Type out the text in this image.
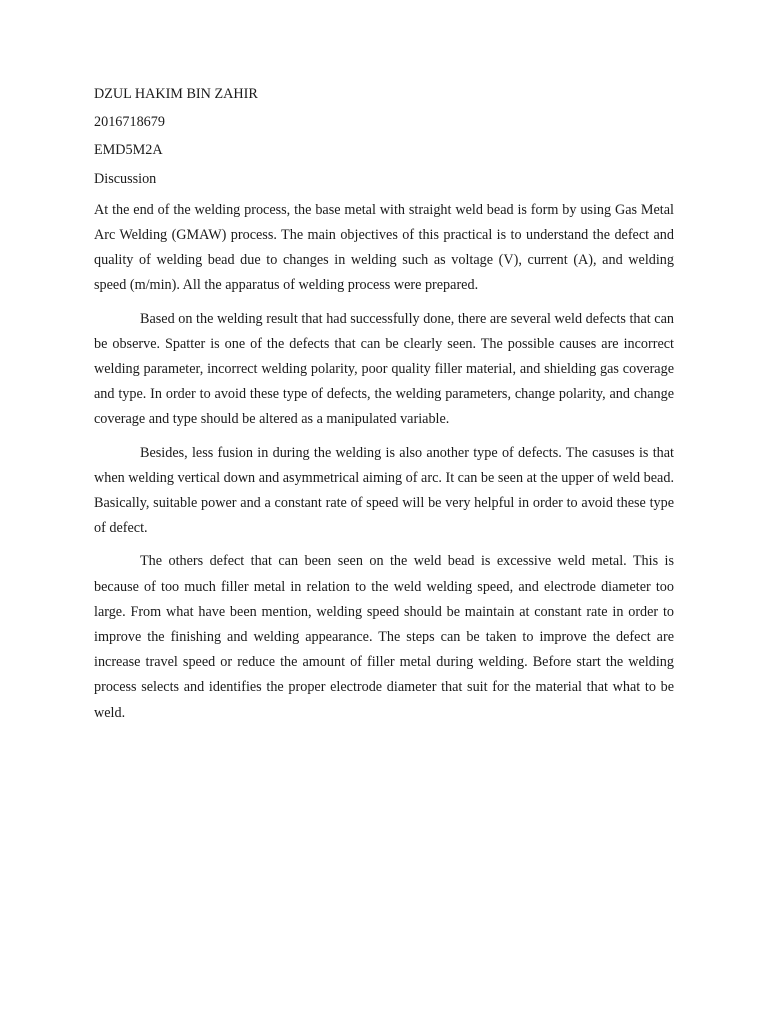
DZUL HAKIM BIN ZAHIR

2016718679

EMD5M2A

Discussion

At the end of the welding process, the base metal with straight weld bead is form by using Gas Metal Arc Welding (GMAW) process. The main objectives of this practical is to understand the defect and quality of welding bead due to changes in welding such as voltage (V), current (A), and welding speed (m/min). All the apparatus of welding process were prepared.

Based on the welding result that had successfully done, there are several weld defects that can be observe. Spatter is one of the defects that can be clearly seen. The possible causes are incorrect welding parameter, incorrect welding polarity, poor quality filler material, and shielding gas coverage and type. In order to avoid these type of defects, the welding parameters, change polarity, and change coverage and type should be altered as a manipulated variable.

Besides, less fusion in during the welding is also another type of defects. The casuses is that when welding vertical down and asymmetrical aiming of arc. It can be seen at the upper of weld bead. Basically, suitable power and a constant rate of speed will be very helpful in order to avoid these type of defect.

The others defect that can been seen on the weld bead is excessive weld metal. This is because of too much filler metal in relation to the weld welding speed, and electrode diameter too large. From what have been mention, welding speed should be maintain at constant rate in order to improve the finishing and welding appearance. The steps can be taken to improve the defect are increase travel speed or reduce the amount of filler metal during welding. Before start the welding process selects and identifies the proper electrode diameter that suit for the material that what to be weld.
